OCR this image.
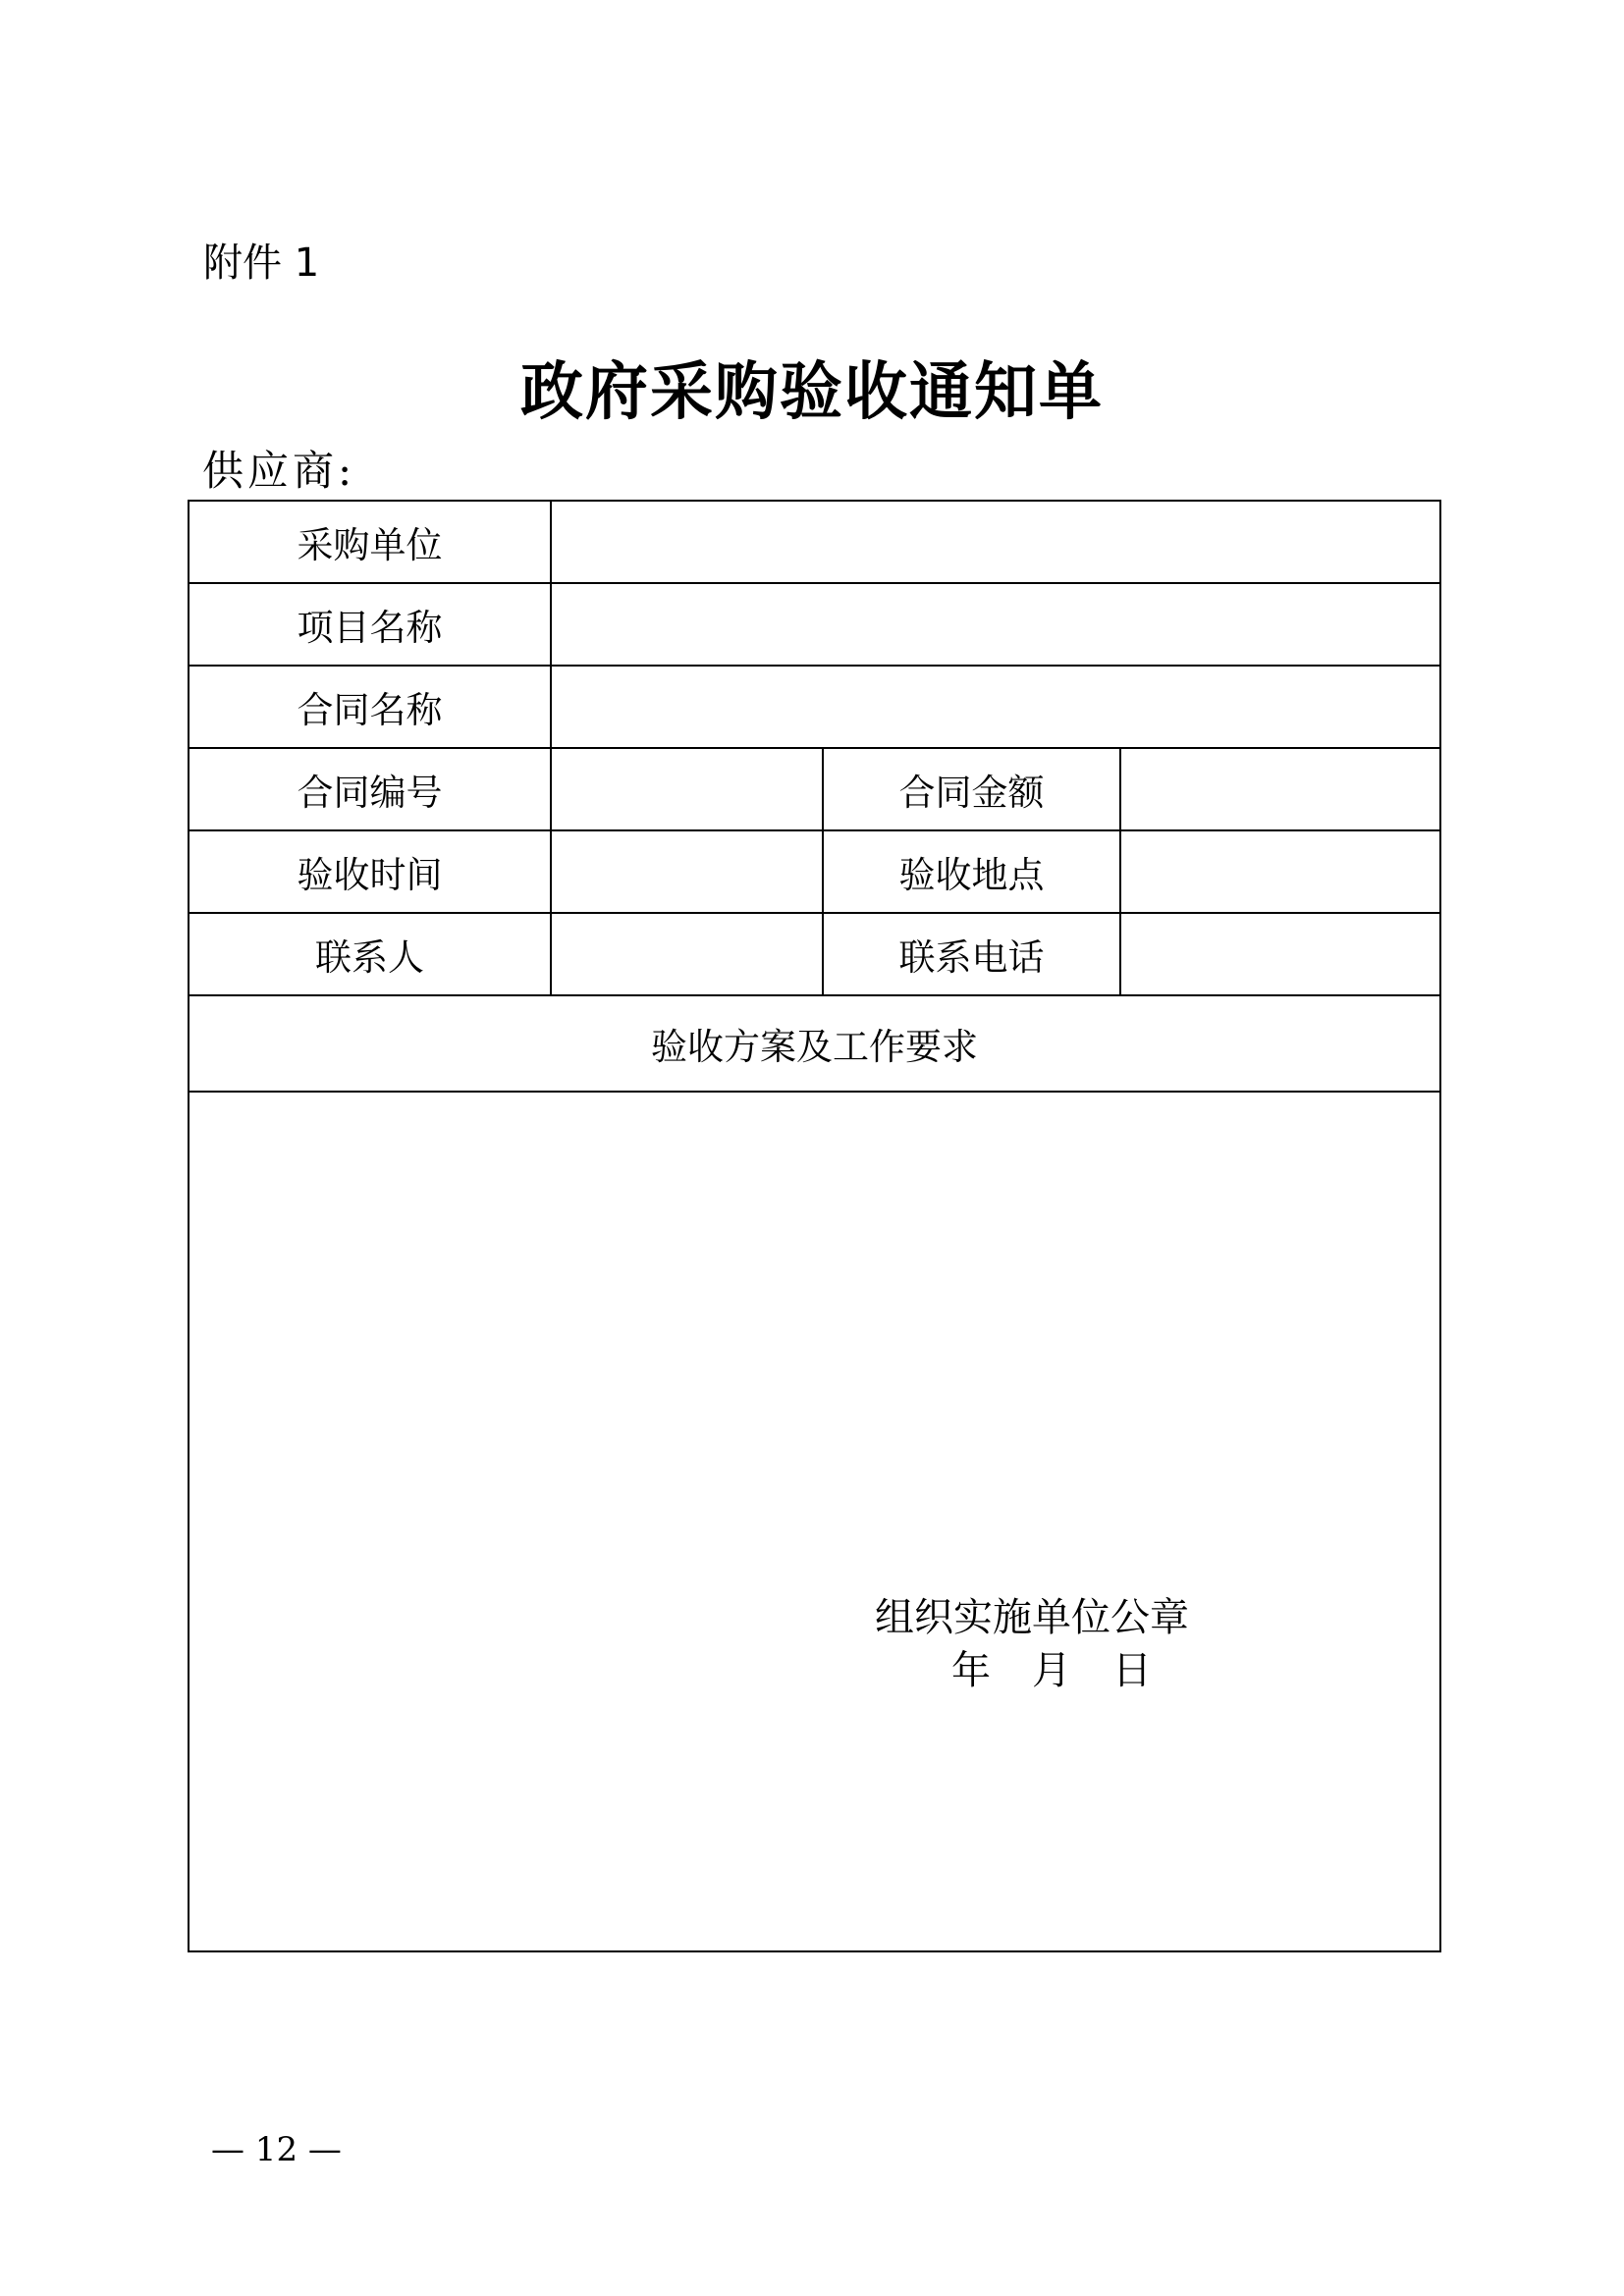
附件 1
政府采购验收通知单
供应商:
采购单位			
项目名称			
合同名称			
合同编号		合同金额	
验收时间		验收地点	
联系人		联系电话	
验收方案及工作要求			

组织实施单位公章
年 月 日			
— 12 —
